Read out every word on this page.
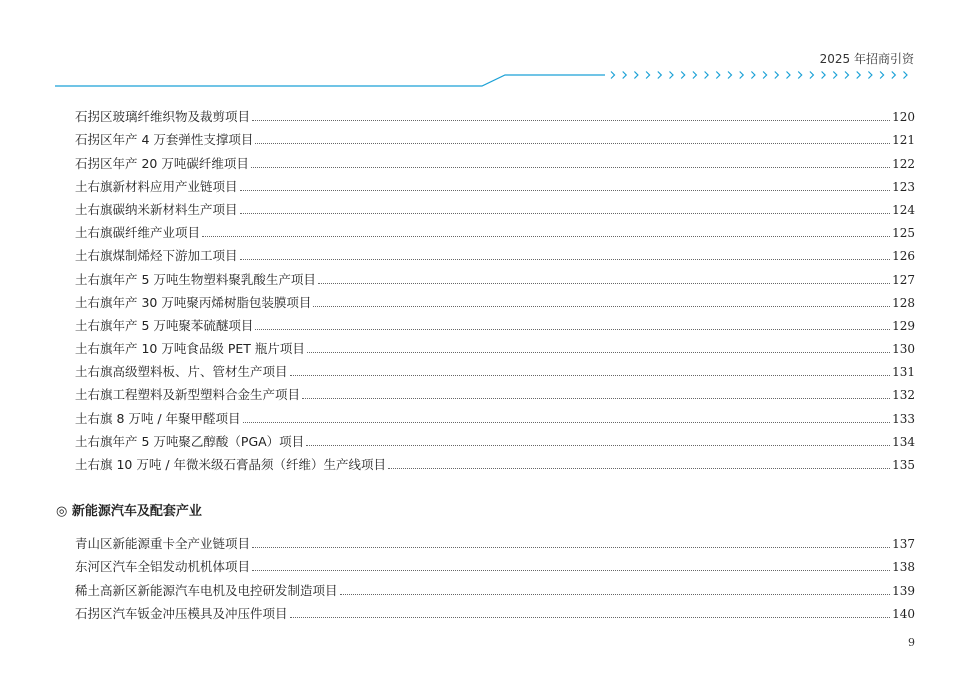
2025 年招商引资
石拐区玻璃纤维织物及裁剪项目	120
石拐区年产 4 万套弹性支撑项目	121
石拐区年产 20 万吨碳纤维项目	122
土右旗新材料应用产业链项目	123
土右旗碳纳米新材料生产项目	124
土右旗碳纤维产业项目	125
土右旗煤制烯烃下游加工项目	126
土右旗年产 5 万吨生物塑料聚乳酸生产项目	127
土右旗年产 30 万吨聚丙烯树脂包装膜项目	128
土右旗年产 5 万吨聚苯硫醚项目	129
土右旗年产 10 万吨食品级 PET 瓶片项目	130
土右旗高级塑料板、片、管材生产项目	131
土右旗工程塑料及新型塑料合金生产项目	132
土右旗 8 万吨 / 年聚甲醛项目	133
土右旗年产 5 万吨聚乙醇酸（PGA）项目	134
土右旗 10 万吨 / 年微米级石膏晶须（纤维）生产线项目	135
◎ 新能源汽车及配套产业
青山区新能源重卡全产业链项目	137
东河区汽车全铝发动机机体项目	138
稀土高新区新能源汽车电机及电控研发制造项目	139
石拐区汽车钣金冲压模具及冲压件项目	140
9
